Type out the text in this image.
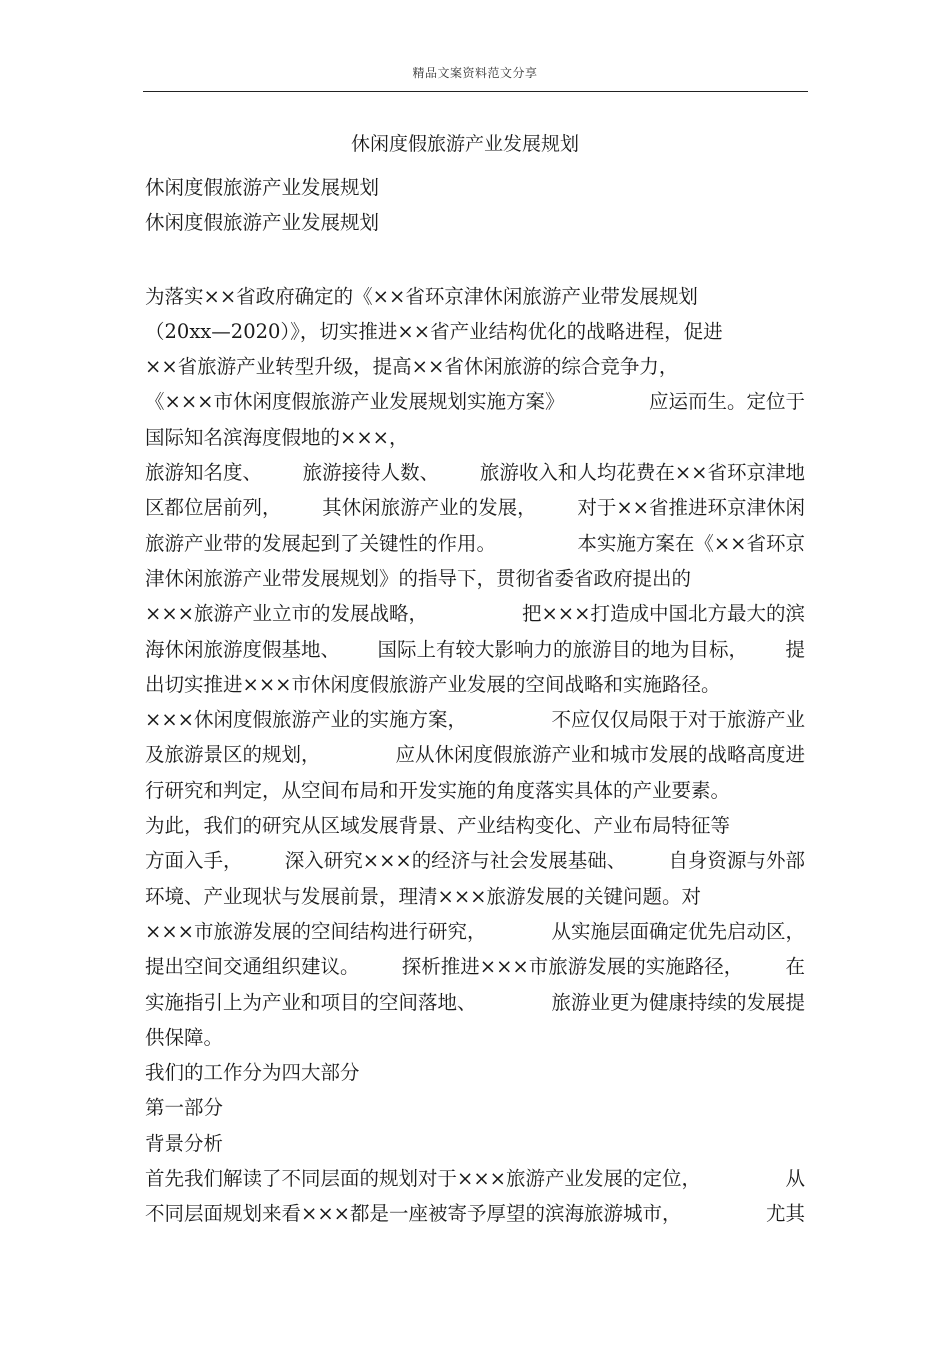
精品文案资料范文分享
休闲度假旅游产业发展规划
休闲度假旅游产业发展规划
休闲度假旅游产业发展规划
为落实××省政府确定的《××省环京津休闲旅游产业带发展规划
（20xx—2020）》，切实推进××省产业结构优化的战略进程，促进
××省旅游产业转型升级，提高××省休闲旅游的综合竞争力，
《×××市休闲度假旅游产业发展规划实施方案》	应运而生。定位于
国际知名滨海度假地的×××，
旅游知名度、 旅游接待人数、 旅游收入和人均花费在××省环京津地
区都位居前列， 其休闲旅游产业的发展， 对于××省推进环京津休闲
旅游产业带的发展起到了关键性的作用。	本实施方案在《××省环京
津休闲旅游产业带发展规划》的指导下，贯彻省委省政府提出的
×××旅游产业立市的发展战略，	把×××打造成中国北方最大的滨
海休闲旅游度假基地、 国际上有较大影响力的旅游目的地为目标， 提
出切实推进×××市休闲度假旅游产业发展的空间战略和实施路径。
×××休闲度假旅游产业的实施方案，	不应仅仅局限于对于旅游产业
及旅游景区的规划，	应从休闲度假旅游产业和城市发展的战略高度进
行研究和判定，从空间布局和开发实施的角度落实具体的产业要素。
为此，我们的研究从区域发展背景、产业结构变化、产业布局特征等
方面入手， 深入研究×××的经济与社会发展基础、 自身资源与外部
环境、产业现状与发展前景，理清×××旅游发展的关键问题。对
×××市旅游发展的空间结构进行研究，	从实施层面确定优先启动区，
提出空间交通组织建议。 探析推进×××市旅游发展的实施路径， 在
实施指引上为产业和项目的空间落地、	旅游业更为健康持续的发展提
供保障。
我们的工作分为四大部分
第一部分
背景分析
首先我们解读了不同层面的规划对于×××旅游产业发展的定位，	从
不同层面规划来看×××都是一座被寄予厚望的滨海旅游城市，	尤其
